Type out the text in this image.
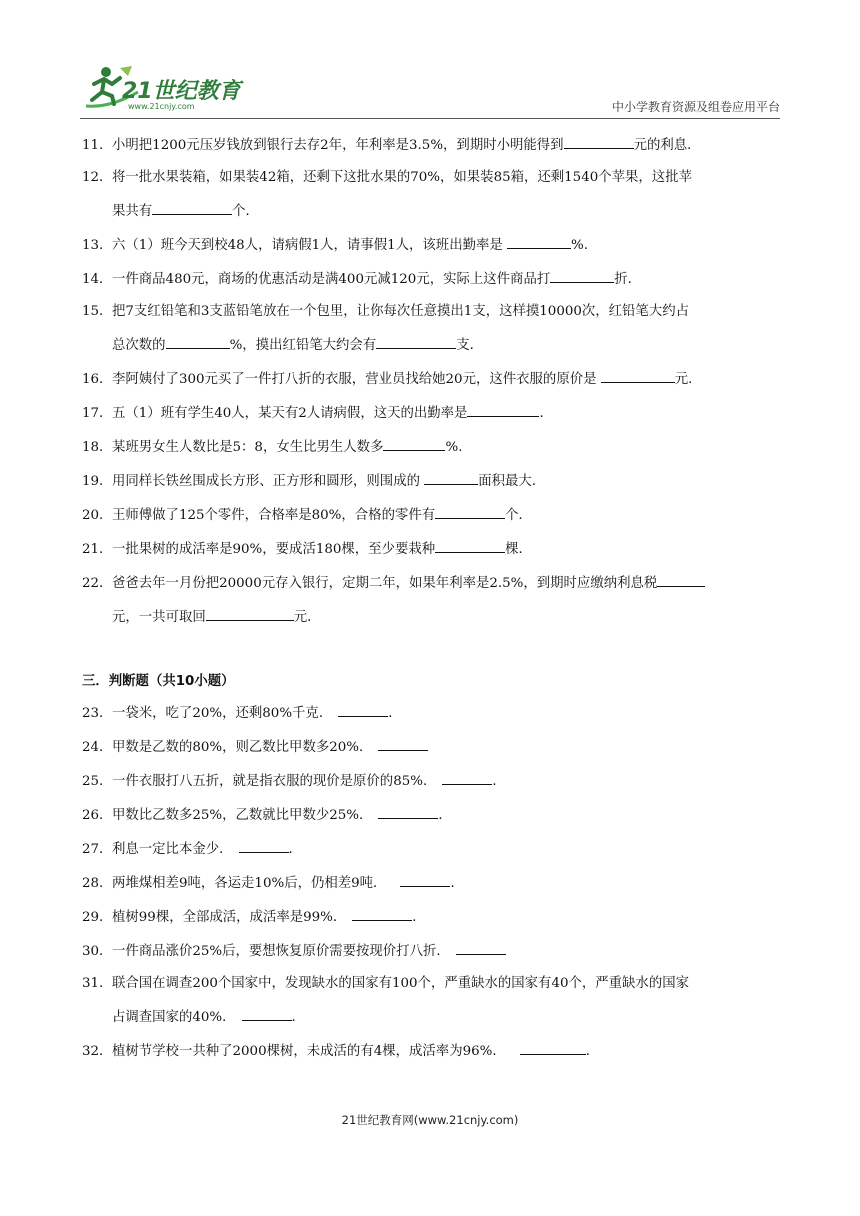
21世纪教育
www.21cnjy.com	中小学教育资源及组卷应用平台

11．小明把1200元压岁钱放到银行去存2年，年利率是3.5%，到期时小明能得到	元的利息．

12．将一批水果装箱，如果装42箱，还剩下这批水果的70%，如果装85箱，还剩1540个苹果，这批苹

果共有	个．

13．六（1）班今天到校48人，请病假1人，请事假1人，该班出勤率是	%.

14．一件商品480元，商场的优惠活动是满400元减120元，实际上这件商品打	折．

15．把7支红铅笔和3支蓝铅笔放在一个包里，让你每次任意摸出1支，这样摸10000次，红铅笔大约占

总次数的	%，摸出红铅笔大约会有	支．

16．李阿姨付了300元买了一件打八折的衣服，营业员找给她20元，这件衣服的原价是	元．

17．五（1）班有学生40人，某天有2人请病假，这天的出勤率是	．

18．某班男女生人数比是5：8，女生比男生人数多	%.

19．用同样长铁丝围成长方形、正方形和圆形，则围成的	面积最大.

20．王师傅做了125个零件，合格率是80%，合格的零件有	个．

21．一批果树的成活率是90%，要成活180棵，至少要栽种	棵．

22．爸爸去年一月份把20000元存入银行，定期二年，如果年利率是2.5%，到期时应缴纳利息税

元，一共可取回	元．

三．判断题（共10小题）

23．一袋米，吃了20%，还剩80%千克．	．

24．甲数是乙数的80%，则乙数比甲数多20%．

25．一件衣服打八五折，就是指衣服的现价是原价的85%．	．

26．甲数比乙数多25%，乙数就比甲数少25%．	．

27．利息一定比本金少．	．

28．两堆煤相差9吨，各运走10%后，仍相差9吨．	．

29．植树99棵，全部成活，成活率是99%．	．

30．一件商品涨价25%后，要想恢复原价需要按现价打八折．

31．联合国在调查200个国家中，发现缺水的国家有100个，严重缺水的国家有40个，严重缺水的国家

占调查国家的40%．	．

32．植树节学校一共种了2000棵树，未成活的有4棵，成活率为96%．	．

21世纪教育网(www.21cnjy.com)
